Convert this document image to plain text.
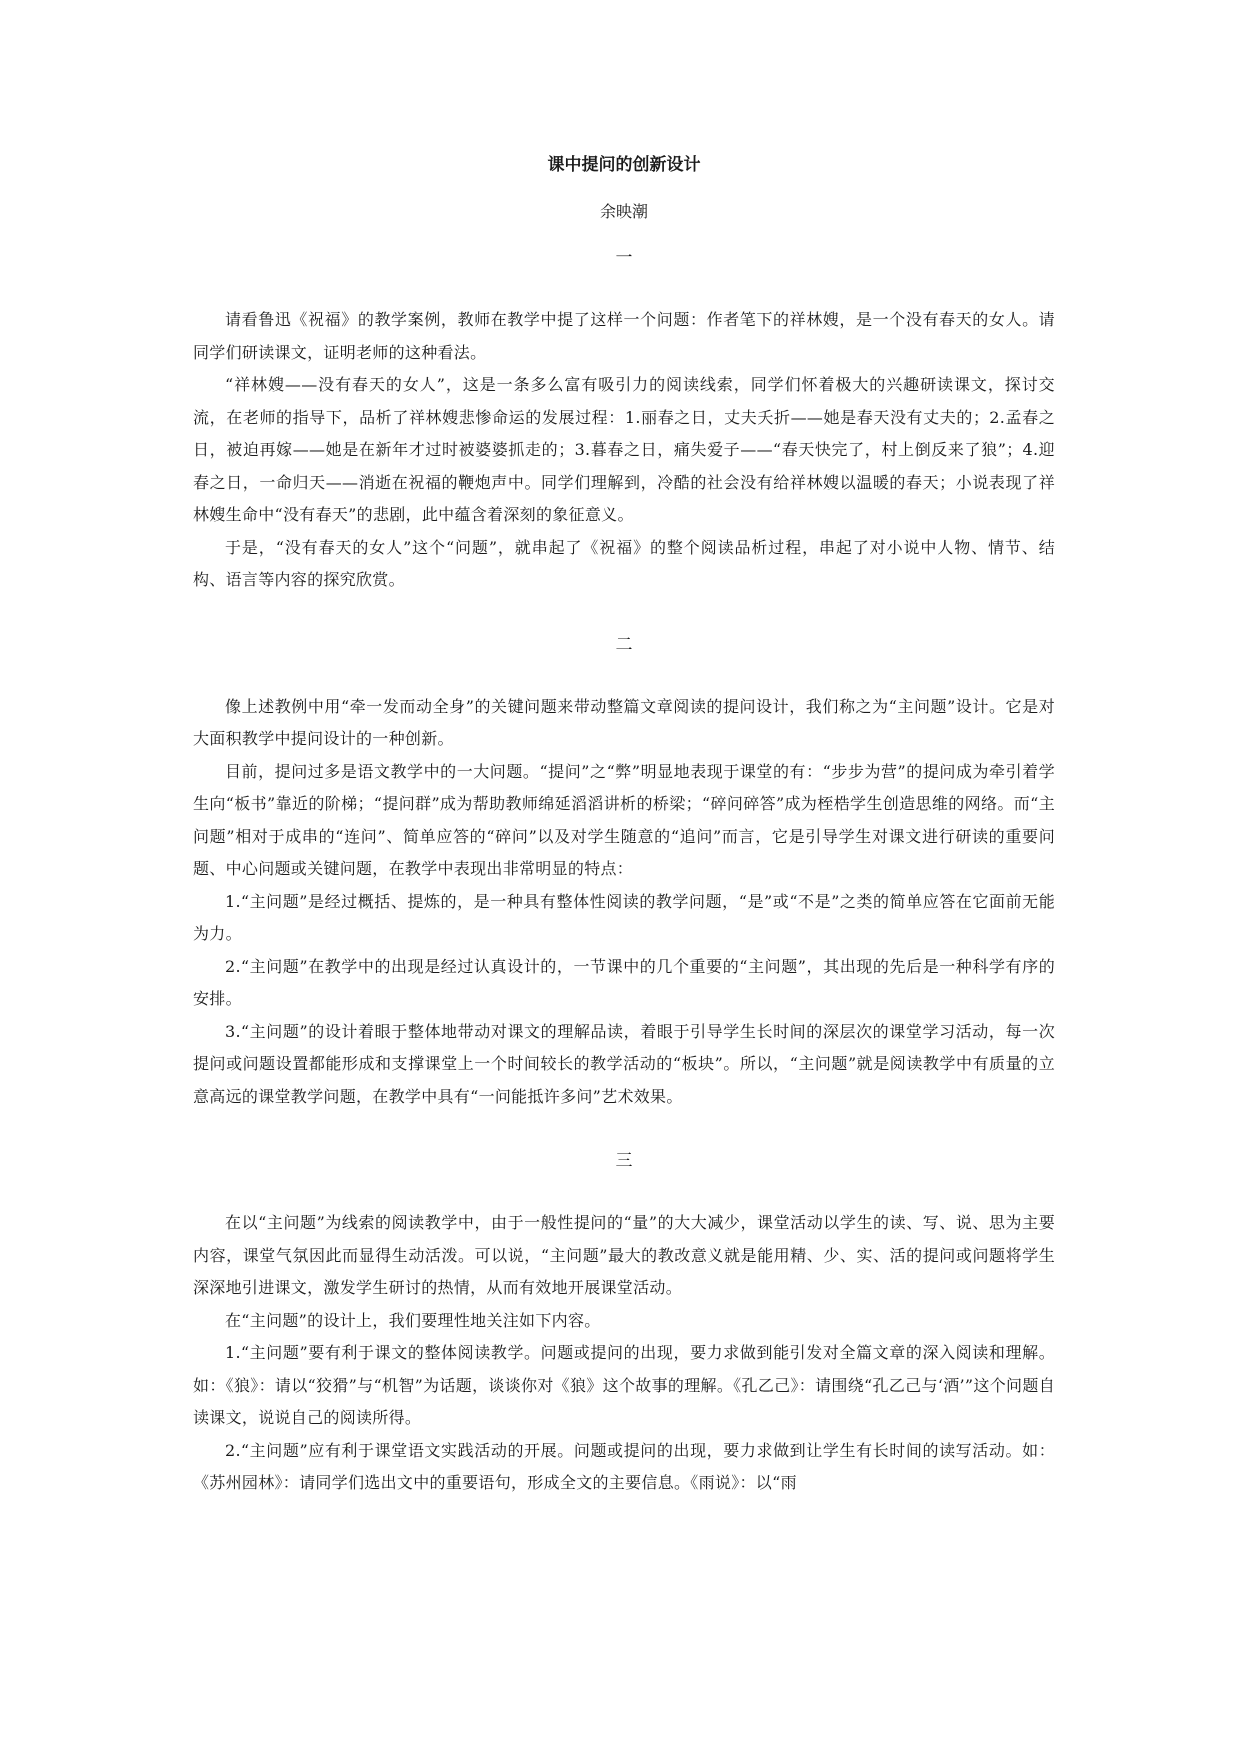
课中提问的创新设计
余映潮
一

请看鲁迅《祝福》的教学案例，教师在教学中提了这样一个问题：作者笔下的祥林嫂，是一个没有春天的女人。请同学们研读课文，证明老师的这种看法。

“祥林嫂——没有春天的女人”，这是一条多么富有吸引力的阅读线索，同学们怀着极大的兴趣研读课文，探讨交流，在老师的指导下，品析了祥林嫂悲惨命运的发展过程：1.丽春之日，丈夫夭折——她是春天没有丈夫的；2.孟春之日，被迫再嫁——她是在新年才过时被婆婆抓走的；3.暮春之日，痛失爱子——“春天快完了，村上倒反来了狼”；4.迎春之日，一命归天——消逝在祝福的鞭炮声中。同学们理解到，冷酷的社会没有给祥林嫂以温暖的春天；小说表现了祥林嫂生命中“没有春天”的悲剧，此中蕴含着深刻的象征意义。

于是，“没有春天的女人”这个“问题”，就串起了《祝福》的整个阅读品析过程，串起了对小说中人物、情节、结构、语言等内容的探究欣赏。

二

像上述教例中用“牵一发而动全身”的关键问题来带动整篇文章阅读的提问设计，我们称之为“主问题”设计。它是对大面积教学中提问设计的一种创新。

目前，提问过多是语文教学中的一大问题。“提问”之“弊”明显地表现于课堂的有：“步步为营”的提问成为牵引着学生向“板书”靠近的阶梯；“提问群”成为帮助教师绵延滔滔讲析的桥梁；“碎问碎答”成为桎梏学生创造思维的网络。而“主问题”相对于成串的“连问”、简单应答的“碎问”以及对学生随意的“追问”而言，它是引导学生对课文进行研读的重要问题、中心问题或关键问题，在教学中表现出非常明显的特点：

1.“主问题”是经过概括、提炼的，是一种具有整体性阅读的教学问题，“是”或“不是”之类的简单应答在它面前无能为力。

2.“主问题”在教学中的出现是经过认真设计的，一节课中的几个重要的“主问题”，其出现的先后是一种科学有序的安排。

3.“主问题”的设计着眼于整体地带动对课文的理解品读，着眼于引导学生长时间的深层次的课堂学习活动，每一次提问或问题设置都能形成和支撑课堂上一个时间较长的教学活动的“板块”。所以，“主问题”就是阅读教学中有质量的立意高远的课堂教学问题，在教学中具有“一问能抵许多问”艺术效果。

三

在以“主问题”为线索的阅读教学中，由于一般性提问的“量”的大大减少，课堂活动以学生的读、写、说、思为主要内容，课堂气氛因此而显得生动活泼。可以说，“主问题”最大的教改意义就是能用精、少、实、活的提问或问题将学生深深地引进课文，激发学生研讨的热情，从而有效地开展课堂活动。

在“主问题”的设计上，我们要理性地关注如下内容。

1.“主问题”要有利于课文的整体阅读教学。问题或提问的出现，要力求做到能引发对全篇文章的深入阅读和理解。如：《狼》：请以“狡猾”与“机智”为话题，谈谈你对《狼》这个故事的理解。《孔乙己》：请围绕“孔乙己与‘酒’”这个问题自读课文，说说自己的阅读所得。

2.“主问题”应有利于课堂语文实践活动的开展。问题或提问的出现，要力求做到让学生有长时间的读写活动。如：《苏州园林》：请同学们选出文中的重要语句，形成全文的主要信息。《雨说》：以“雨
